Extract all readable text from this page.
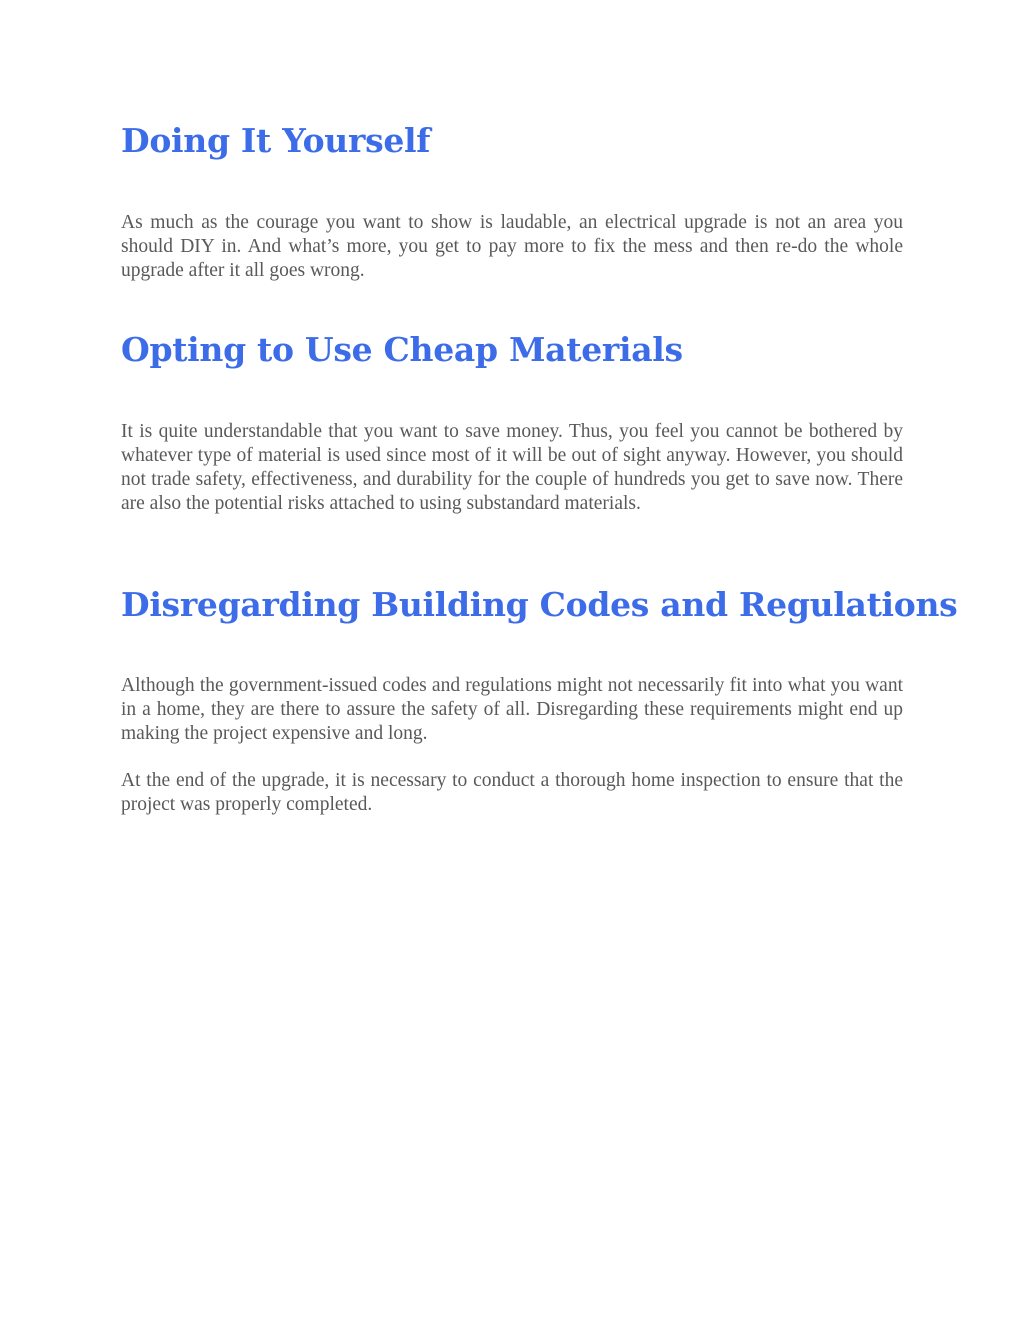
Doing It Yourself

As much as the courage you want to show is laudable, an electrical upgrade is not an area you should DIY in. And what’s more, you get to pay more to fix the mess and then re-do the whole upgrade after it all goes wrong.

Opting to Use Cheap Materials

It is quite understandable that you want to save money. Thus, you feel you cannot be bothered by whatever type of material is used since most of it will be out of sight anyway. However, you should not trade safety, effectiveness, and durability for the couple of hundreds you get to save now. There are also the potential risks attached to using substandard materials.

Disregarding Building Codes and Regulations

Although the government-issued codes and regulations might not necessarily fit into what you want in a home, they are there to assure the safety of all. Disregarding these requirements might end up making the project expensive and long.

At the end of the upgrade, it is necessary to conduct a thorough home inspection to ensure that the project was properly completed.
